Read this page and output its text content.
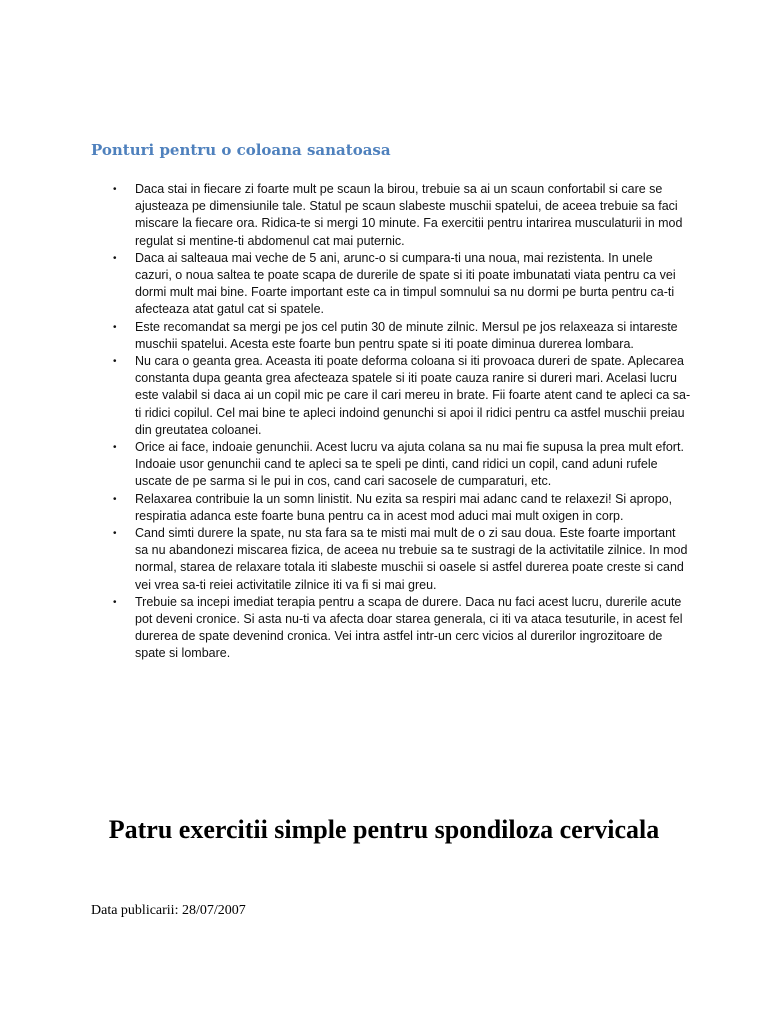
Ponturi pentru o coloana sanatoasa
• Daca stai in fiecare zi foarte mult pe scaun la birou, trebuie sa ai un scaun confortabil si care se ajusteaza pe dimensiunile tale. Statul pe scaun slabeste muschii spatelui, de aceea trebuie sa faci miscare la fiecare ora. Ridica-te si mergi 10 minute. Fa exercitii pentru intarirea musculaturii in mod regulat si mentine-ti abdomenul cat mai puternic.
• Daca ai salteaua mai veche de 5 ani, arunc-o si cumpara-ti una noua, mai rezistenta. In unele cazuri, o noua saltea te poate scapa de durerile de spate si iti poate imbunatati viata pentru ca vei dormi mult mai bine. Foarte important este ca in timpul somnului sa nu dormi pe burta pentru ca-ti afecteaza atat gatul cat si spatele.
• Este recomandat sa mergi pe jos cel putin 30 de minute zilnic. Mersul pe jos relaxeaza si intareste muschii spatelui. Acesta este foarte bun pentru spate si iti poate diminua durerea lombara.
• Nu cara o geanta grea. Aceasta iti poate deforma coloana si iti provoaca dureri de spate. Aplecarea constanta dupa geanta grea afecteaza spatele si iti poate cauza ranire si dureri mari. Acelasi lucru este valabil si daca ai un copil mic pe care il cari mereu in brate. Fii foarte atent cand te apleci ca sa-ti ridici copilul. Cel mai bine te apleci indoind genunchi si apoi il ridici pentru ca astfel muschii preiau din greutatea coloanei.
• Orice ai face, indoaie genunchii. Acest lucru va ajuta colana sa nu mai fie supusa la prea mult efort. Indoaie usor genunchii cand te apleci sa te speli pe dinti, cand ridici un copil, cand aduni rufele uscate de pe sarma si le pui in cos, cand cari sacosele de cumparaturi, etc.
• Relaxarea contribuie la un somn linistit. Nu ezita sa respiri mai adanc cand te relaxezi! Si apropo, respiratia adanca este foarte buna pentru ca in acest mod aduci mai mult oxigen in corp.
• Cand simti durere la spate, nu sta fara sa te misti mai mult de o zi sau doua. Este foarte important sa nu abandonezi miscarea fizica, de aceea nu trebuie sa te sustragi de la activitatile zilnice. In mod normal, starea de relaxare totala iti slabeste muschii si oasele si astfel durerea poate creste si cand vei vrea sa-ti reiei activitatile zilnice iti va fi si mai greu.
• Trebuie sa incepi imediat terapia pentru a scapa de durere. Daca nu faci acest lucru, durerile acute pot deveni cronice. Si asta nu-ti va afecta doar starea generala, ci iti va ataca tesuturile, in acest fel durerea de spate devenind cronica. Vei intra astfel intr-un cerc vicios al durerilor ingrozitoare de spate si lombare.
Patru exercitii simple pentru spondiloza cervicala

Data publicarii: 28/07/2007
